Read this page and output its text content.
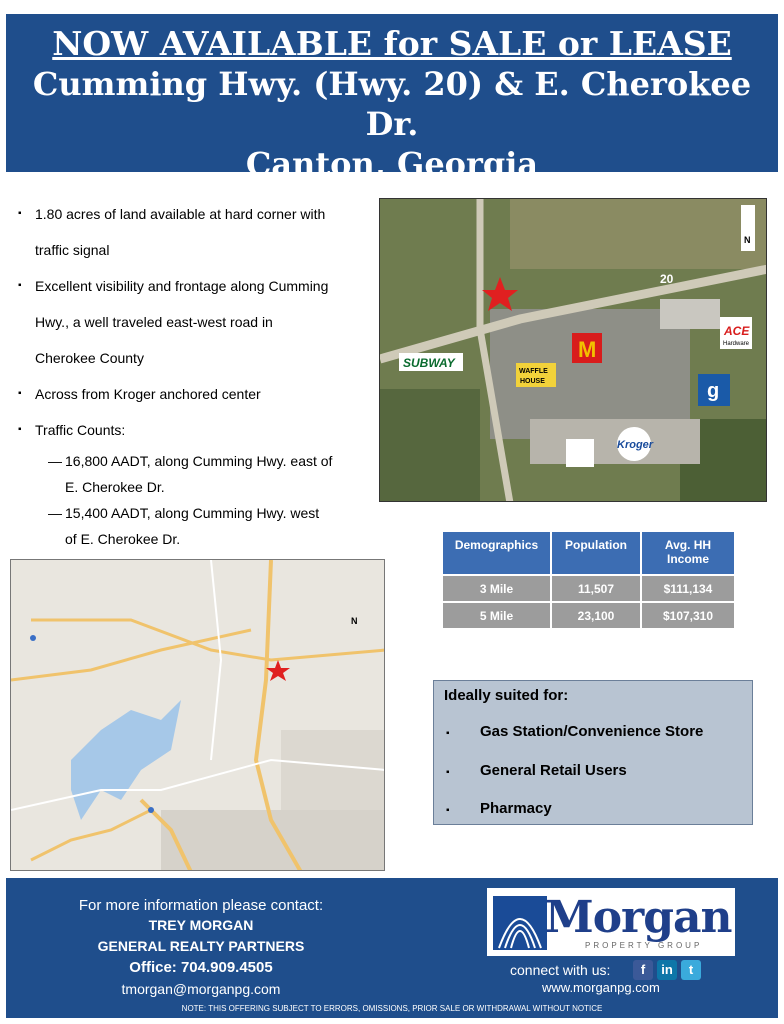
NOW AVAILABLE for SALE or LEASE
Cumming Hwy. (Hwy. 20) & E. Cherokee Dr.
Canton, Georgia
▪ 1.80 acres of land available at hard corner with
traffic signal
▪ Excellent visibility and frontage along Cumming
Hwy., a well traveled east-west road in
Cherokee County
▪ Across from Kroger anchored center
▪ Traffic Counts:
— 16,800 AADT, along Cumming Hwy. east of
E. Cherokee Dr.
— 15,400 AADT, along Cumming Hwy. west
of E. Cherokee Dr.
20
SUBWAY
M
WAFFLE
HOUSE
ACE
Hardware
g
Kroger
N
Demographics	Population	Avg. HH
Income
3 Mile	11,507	$111,134
5 Mile	23,100	$107,310
Ideally suited for:
▪ Gas Station/Convenience Store
▪ General Retail Users
▪ Pharmacy
N
For more information please contact:
TREY MORGAN
GENERAL REALTY PARTNERS
Office: 704.909.4505
tmorgan@morganpg.com
Morgan
PROPERTY GROUP
connect with us:	f	in	t
www.morganpg.com
NOTE: THIS OFFERING SUBJECT TO ERRORS, OMISSIONS, PRIOR SALE OR WITHDRAWAL WITHOUT NOTICE
